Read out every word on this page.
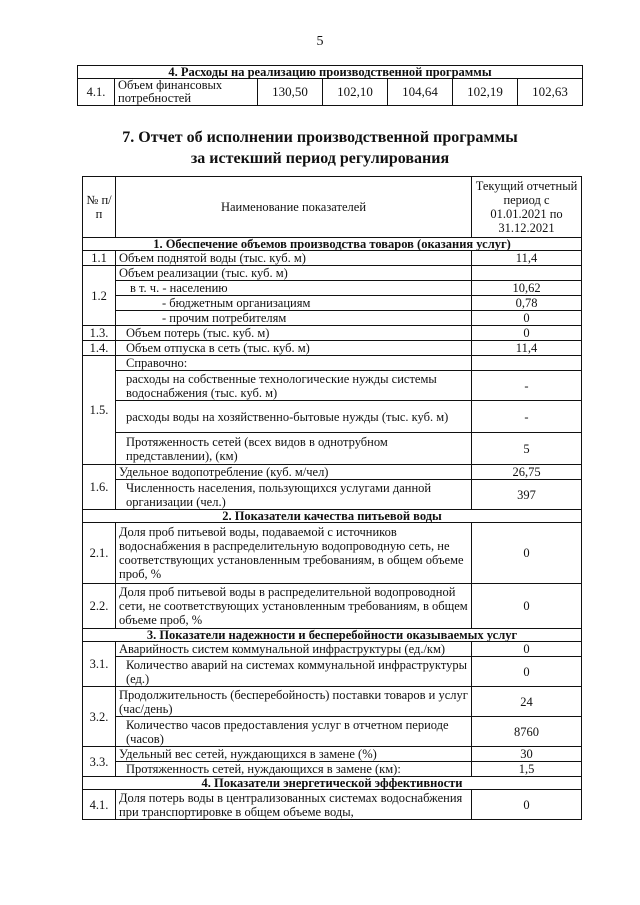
5
4. Расходы на реализацию производственной программы
4.1.	Объем финансовых потребностей	130,50	102,10	104,64	102,19	102,63
7. Отчет об исполнении производственной программы
за истекший период регулирования
№ п/п	Наименование показателей	Текущий отчетный период с 01.01.2021 по 31.12.2021
1. Обеспечение объемов производства товаров (оказания услуг)		
1.1	Объем поднятой воды (тыс. куб. м)	11,4
1.2	Объем реализации (тыс. куб. м)	
	в т. ч. - населению	10,62
	- бюджетным организациям	0,78
	- прочим потребителям	0
1.3.	Объем потерь (тыс. куб. м)	0
1.4.	Объем отпуска в сеть (тыс. куб. м)	11,4
1.5.	Справочно:	
	расходы на собственные технологические нужды системы водоснабжения (тыс. куб. м)	-
	расходы воды на хозяйственно-бытовые нужды (тыс. куб. м)	-
	Протяженность сетей (всех видов в однотрубном представлении), (км)	5
1.6.	Удельное водопотребление (куб. м/чел)	26,75
	Численность населения, пользующихся услугами данной организации (чел.)	397
2. Показатели качества питьевой воды		
2.1.	Доля проб питьевой воды, подаваемой с источников водоснабжения в распределительную водопроводную сеть, не соответствующих установленным требованиям, в общем объеме проб, %	0
2.2.	Доля проб питьевой воды в распределительной водопроводной сети, не соответствующих установленным требованиям, в общем объеме проб, %	0
3. Показатели надежности и бесперебойности оказываемых услуг		
3.1.	Аварийность систем коммунальной инфраструктуры (ед./км)	0
	Количество аварий на системах коммунальной инфраструктуры (ед.)	0
3.2.	Продолжительность (бесперебойность) поставки товаров и услуг (час/день)	24
	Количество часов предоставления услуг в отчетном периоде (часов)	8760
3.3.	Удельный вес сетей, нуждающихся в замене (%)	30
	Протяженность сетей, нуждающихся в замене (км):	1,5
4. Показатели энергетической эффективности		
4.1.	Доля потерь воды в централизованных системах водоснабжения при транспортировке в общем объеме воды,	0
